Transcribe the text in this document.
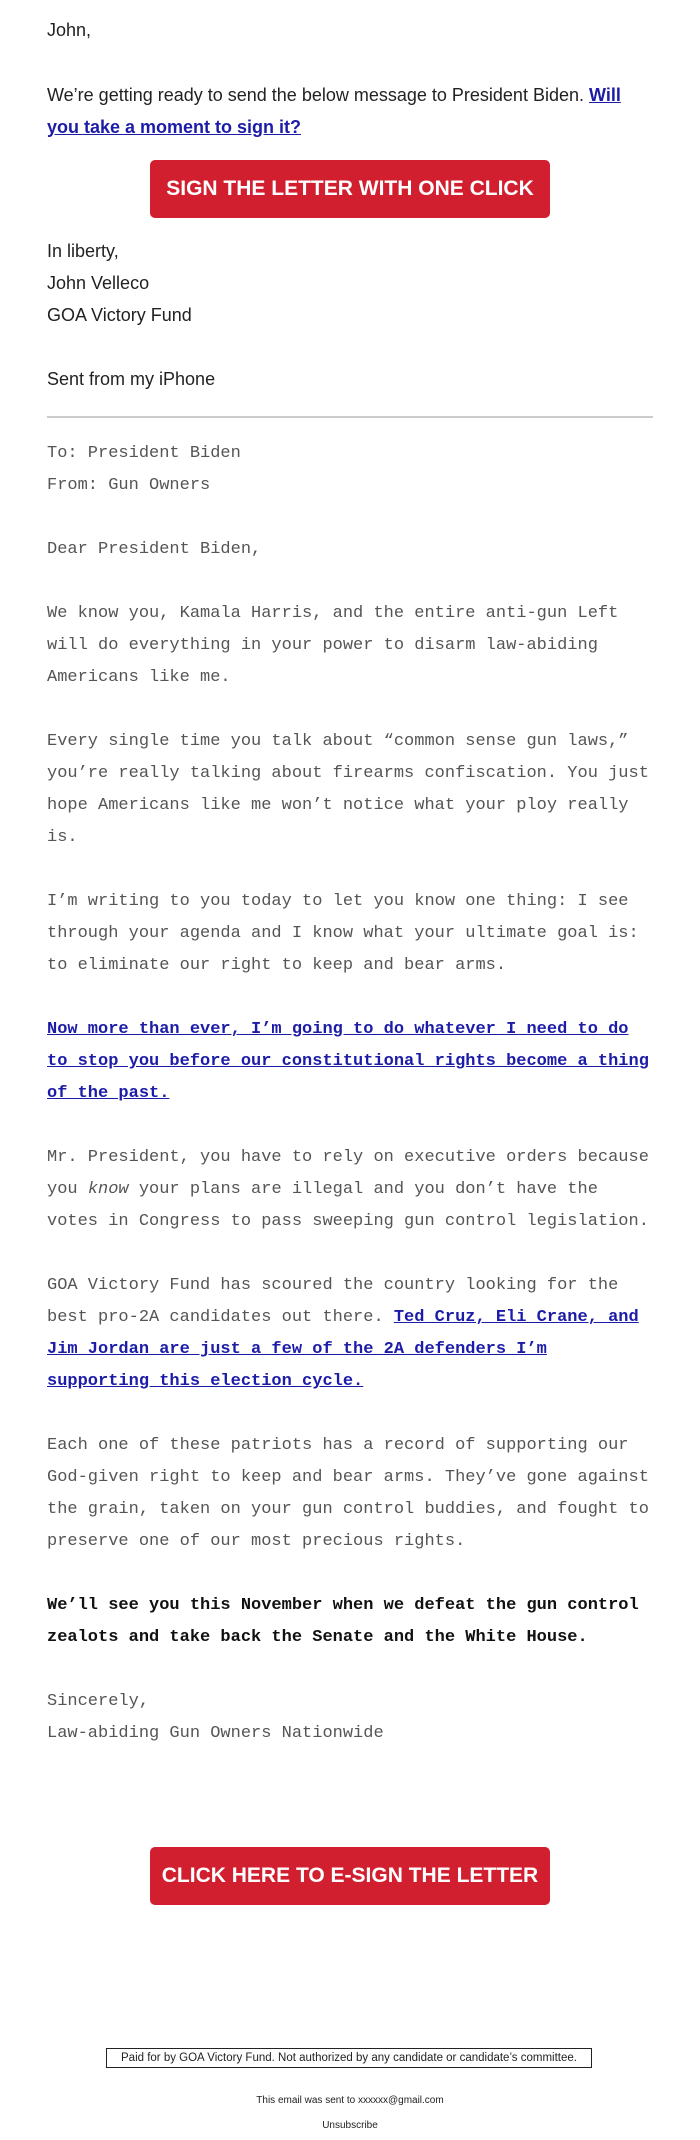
John,

We’re getting ready to send the below message to President Biden. Will you take a moment to sign it?

SIGN THE LETTER WITH ONE CLICK

In liberty,

John Velleco

GOA Victory Fund

Sent from my iPhone

To: President Biden

From: Gun Owners

Dear President Biden,

We know you, Kamala Harris, and the entire anti-gun Left will do everything in your power to disarm law-abiding Americans like me.

Every single time you talk about “common sense gun laws,” you’re really talking about firearms confiscation. You just hope Americans like me won’t notice what your ploy really is.

I’m writing to you today to let you know one thing: I see through your agenda and I know what your ultimate goal is: to eliminate our right to keep and bear arms.

Now more than ever, I’m going to do whatever I need to do to stop you before our constitutional rights become a thing of the past.

Mr. President, you have to rely on executive orders because you know your plans are illegal and you don’t have the votes in Congress to pass sweeping gun control legislation.

GOA Victory Fund has scoured the country looking for the best pro-2A candidates out there. Ted Cruz, Eli Crane, and Jim Jordan are just a few of the 2A defenders I’m supporting this election cycle.

Each one of these patriots has a record of supporting our God-given right to keep and bear arms. They’ve gone against the grain, taken on your gun control buddies, and fought to preserve one of our most precious rights.

We’ll see you this November when we defeat the gun control zealots and take back the Senate and the White House.

Sincerely,

Law-abiding Gun Owners Nationwide

CLICK HERE TO E-SIGN THE LETTER
Paid for by GOA Victory Fund. Not authorized by any candidate or candidate’s committee.
This email was sent to xxxxxx@gmail.com
Unsubscribe
